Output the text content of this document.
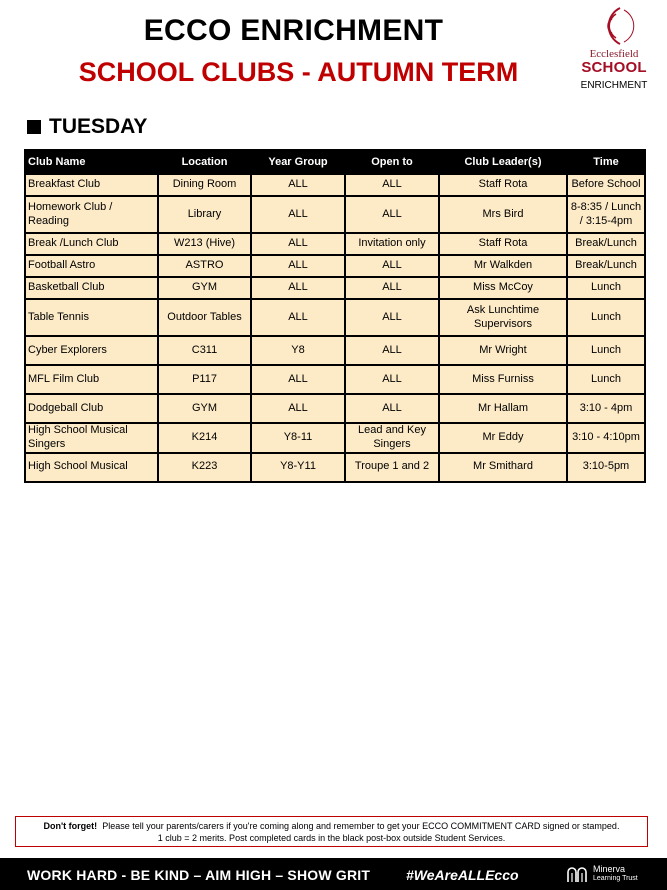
ECCO ENRICHMENT
SCHOOL CLUBS - AUTUMN TERM
Ecclesfield
SCHOOL
ENRICHMENT
TUESDAY
Club Name	Location	Year Group	Open to	Club Leader(s)	Time
Breakfast Club	Dining Room	ALL	ALL	Staff Rota	Before School
Homework Club / Reading	Library	ALL	ALL	Mrs Bird	8-8:35 / Lunch / 3:15-4pm
Break /Lunch Club	W213 (Hive)	ALL	Invitation only	Staff Rota	Break/Lunch
Football Astro	ASTRO	ALL	ALL	Mr Walkden	Break/Lunch
Basketball Club	GYM	ALL	ALL	Miss McCoy	Lunch
Table Tennis	Outdoor Tables	ALL	ALL	Ask Lunchtime Supervisors	Lunch
Cyber Explorers	C311	Y8	ALL	Mr Wright	Lunch
MFL Film Club	P117	ALL	ALL	Miss Furniss	Lunch
Dodgeball Club	GYM	ALL	ALL	Mr Hallam	3:10 - 4pm
High School Musical Singers	K214	Y8-11	Lead and Key Singers	Mr Eddy	3:10 - 4:10pm
High School Musical	K223	Y8-Y11	Troupe 1 and 2	Mr Smithard	3:10-5pm
Don't forget! Please tell your parents/carers if you're coming along and remember to get your ECCO COMMITMENT CARD signed or stamped.
1 club = 2 merits. Post completed cards in the black post-box outside Student Services.
WORK HARD - BE KIND – AIM HIGH – SHOW GRIT	#WeAreALLEcco	Minerva
Learning Trust
